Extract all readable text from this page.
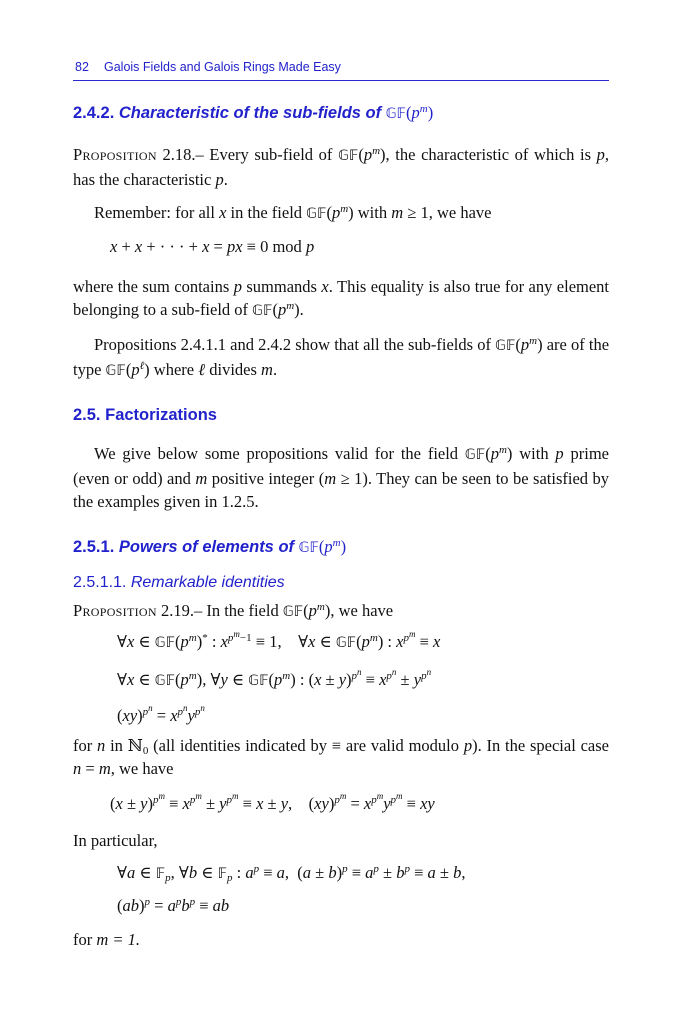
82 Galois Fields and Galois Rings Made Easy
2.4.2. Characteristic of the sub-fields of $𝔾𝔽(p^m)$
Proposition 2.18.– Every sub-field of $𝔾𝔽(p^m)$, the characteristic of which is p, has the characteristic p.
Remember: for all x in the field $𝔾𝔽(p^m)$ with m ≥ 1, we have
x + x + · · · + x = px ≡ 0 mod p
where the sum contains p summands x. This equality is also true for any element belonging to a sub-field of $𝔾𝔽(p^m)$.
Propositions 2.4.1.1 and 2.4.2 show that all the sub-fields of $𝔾𝔽(p^m)$ are of the type $𝔾𝔽(p^\ell)$ where ℓ divides m.
2.5. Factorizations
We give below some propositions valid for the field $𝔾𝔽(p^m)$ with p prime (even or odd) and m positive integer (m ≥ 1). They can be seen to be satisfied by the examples given in 1.2.5.
2.5.1. Powers of elements of $𝔾𝔽(p^m)$
2.5.1.1. Remarkable identities
Proposition 2.19.– In the field $𝔾𝔽(p^m)$, we have
∀x ∈ $𝔾𝔽(p^m)^*$ : $x^{p^m-1} \equiv 1$,    ∀x ∈ $𝔾𝔽(p^m)$ : $x^{p^m} \equiv x$
∀x ∈ $𝔾𝔽(p^m)$, ∀y ∈ $𝔾𝔽(p^m)$ : $(x \pm y)^{p^n} \equiv x^{p^n} \pm y^{p^n}$
$(xy)^{p^n} = x^{p^n}y^{p^n}$
for n in ℕ$_0$ (all identities indicated by ≡ are valid modulo p). In the special case n = m, we have
$(x \pm y)^{p^m} \equiv x^{p^m} \pm y^{p^m} \equiv x \pm y$,    $(xy)^{p^m} = x^{p^m}y^{p^m}$ ≡ xy
In particular,
∀a ∈ 𝔽$_p$, ∀b ∈ 𝔽$_p$ : $a^p \equiv a$,  $(a \pm b)^p \equiv a^p \pm b^p \equiv a \pm b$,
$(ab)^p = a^pb^p$ ≡ ab
for m = 1.
